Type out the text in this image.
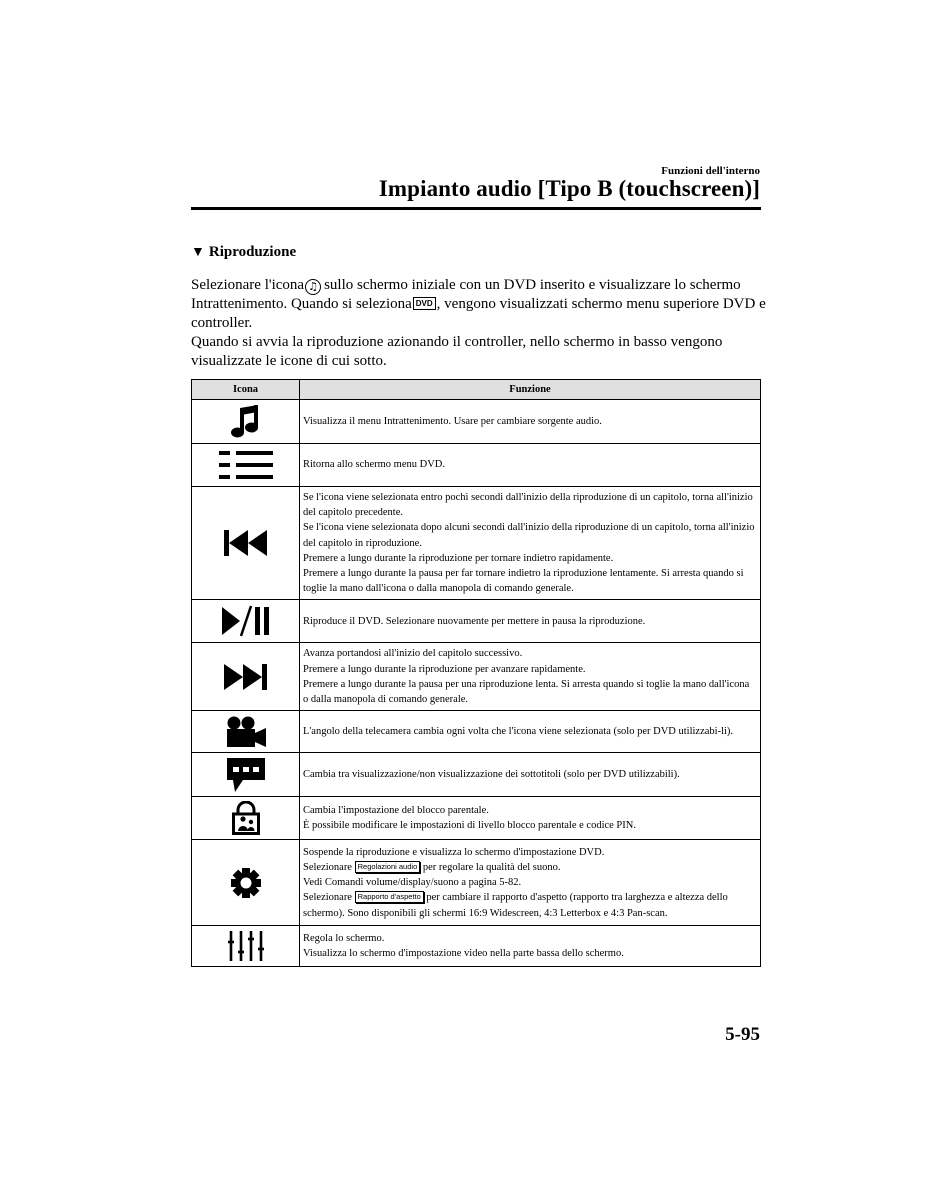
Funzioni dell'interno
Impianto audio [Tipo B (touchscreen)]
▼ Riproduzione
Selezionare l'icona ♫ sullo schermo iniziale con un DVD inserito e visualizzare lo schermo Intrattenimento. Quando si seleziona DVD , vengono visualizzati schermo menu superiore DVD e controller.
Quando si avvia la riproduzione azionando il controller, nello schermo in basso vengono visualizzate le icone di cui sotto.
Icona	Funzione

Visualizza il menu Intrattenimento. Usare per cambiare sorgente audio.

Ritorna allo schermo menu DVD.

Se l'icona viene selezionata entro pochi secondi dall'inizio della riproduzione di un capitolo, torna all'inizio del capitolo precedente.
Se l'icona viene selezionata dopo alcuni secondi dall'inizio della riproduzione di un capitolo, torna all'inizio del capitolo in riproduzione.
Premere a lungo durante la riproduzione per tornare indietro rapidamente.
Premere a lungo durante la pausa per far tornare indietro la riproduzione lentamente. Si arresta quando si toglie la mano dall'icona o dalla manopola di comando generale.

Riproduce il DVD. Selezionare nuovamente per mettere in pausa la riproduzione.

Avanza portandosi all'inizio del capitolo successivo.
Premere a lungo durante la riproduzione per avanzare rapidamente.
Premere a lungo durante la pausa per una riproduzione lenta. Si arresta quando si toglie la mano dall'icona o dalla manopola di comando generale.

L'angolo della telecamera cambia ogni volta che l'icona viene selezionata (solo per DVD utilizzabi-li).

Cambia tra visualizzazione/non visualizzazione dei sottotitoli (solo per DVD utilizzabili).

Cambia l'impostazione del blocco parentale.
È possibile modificare le impostazioni di livello blocco parentale e codice PIN.

Sospende la riproduzione e visualizza lo schermo d'impostazione DVD.
Selezionare Regolazioni audio per regolare la qualità del suono.
Vedi Comandi volume/display/suono a pagina 5-82.
Selezionare Rapporto d'aspetto per cambiare il rapporto d'aspetto (rapporto tra larghezza e altezza dello schermo). Sono disponibili gli schermi 16:9 Widescreen, 4:3 Letterbox e 4:3 Pan-scan.

Regola lo schermo.
Visualizza lo schermo d'impostazione video nella parte bassa dello schermo.
5-95
